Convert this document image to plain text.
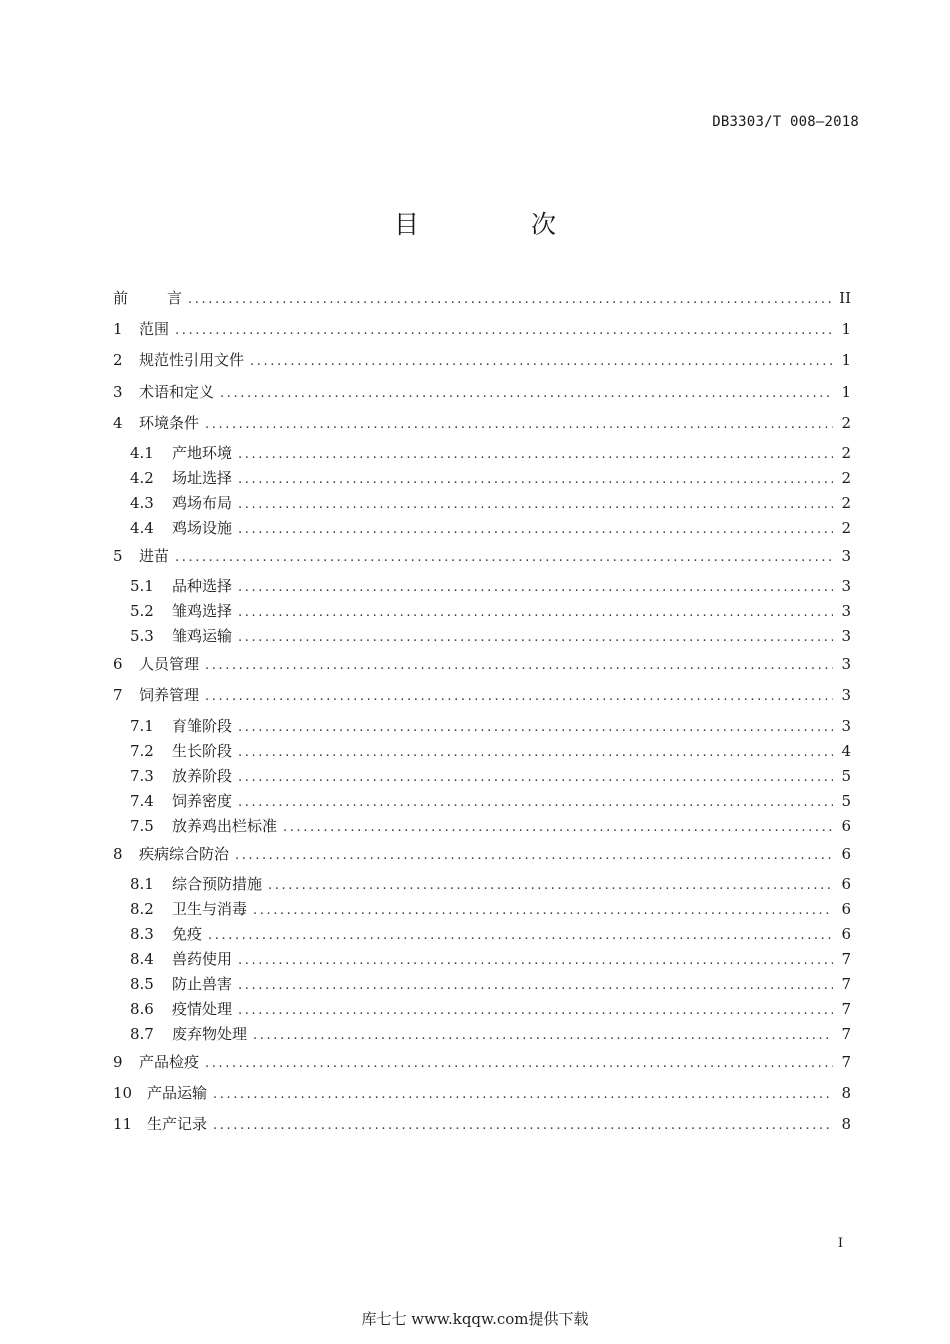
DB3303/T 008—2018
目 次
前	言 .....	II
1	范围 .....	1
2	规范性引用文件 .....	1
3	术语和定义 .....	1
4	环境条件 .....	2
4.1	产地环境 .....	2
4.2	场址选择 .....	2
4.3	鸡场布局 .....	2
4.4	鸡场设施 .....	2
5	进苗 .....	3
5.1	品种选择 .....	3
5.2	雏鸡选择 .....	3
5.3	雏鸡运输 .....	3
6	人员管理 .....	3
7	饲养管理 .....	3
7.1	育雏阶段 .....	3
7.2	生长阶段 .....	4
7.3	放养阶段 .....	5
7.4	饲养密度 .....	5
7.5	放养鸡出栏标准 .....	6
8	疾病综合防治 .....	6
8.1	综合预防措施 .....	6
8.2	卫生与消毒 .....	6
8.3	免疫 .....	6
8.4	兽药使用 .....	7
8.5	防止兽害 .....	7
8.6	疫情处理 .....	7
8.7	废弃物处理 .....	7
9	产品检疫 .....	7
10 产品运输 .....	8
11 生产记录 .....	8
I
库七七 www.kqqw.com提供下载
